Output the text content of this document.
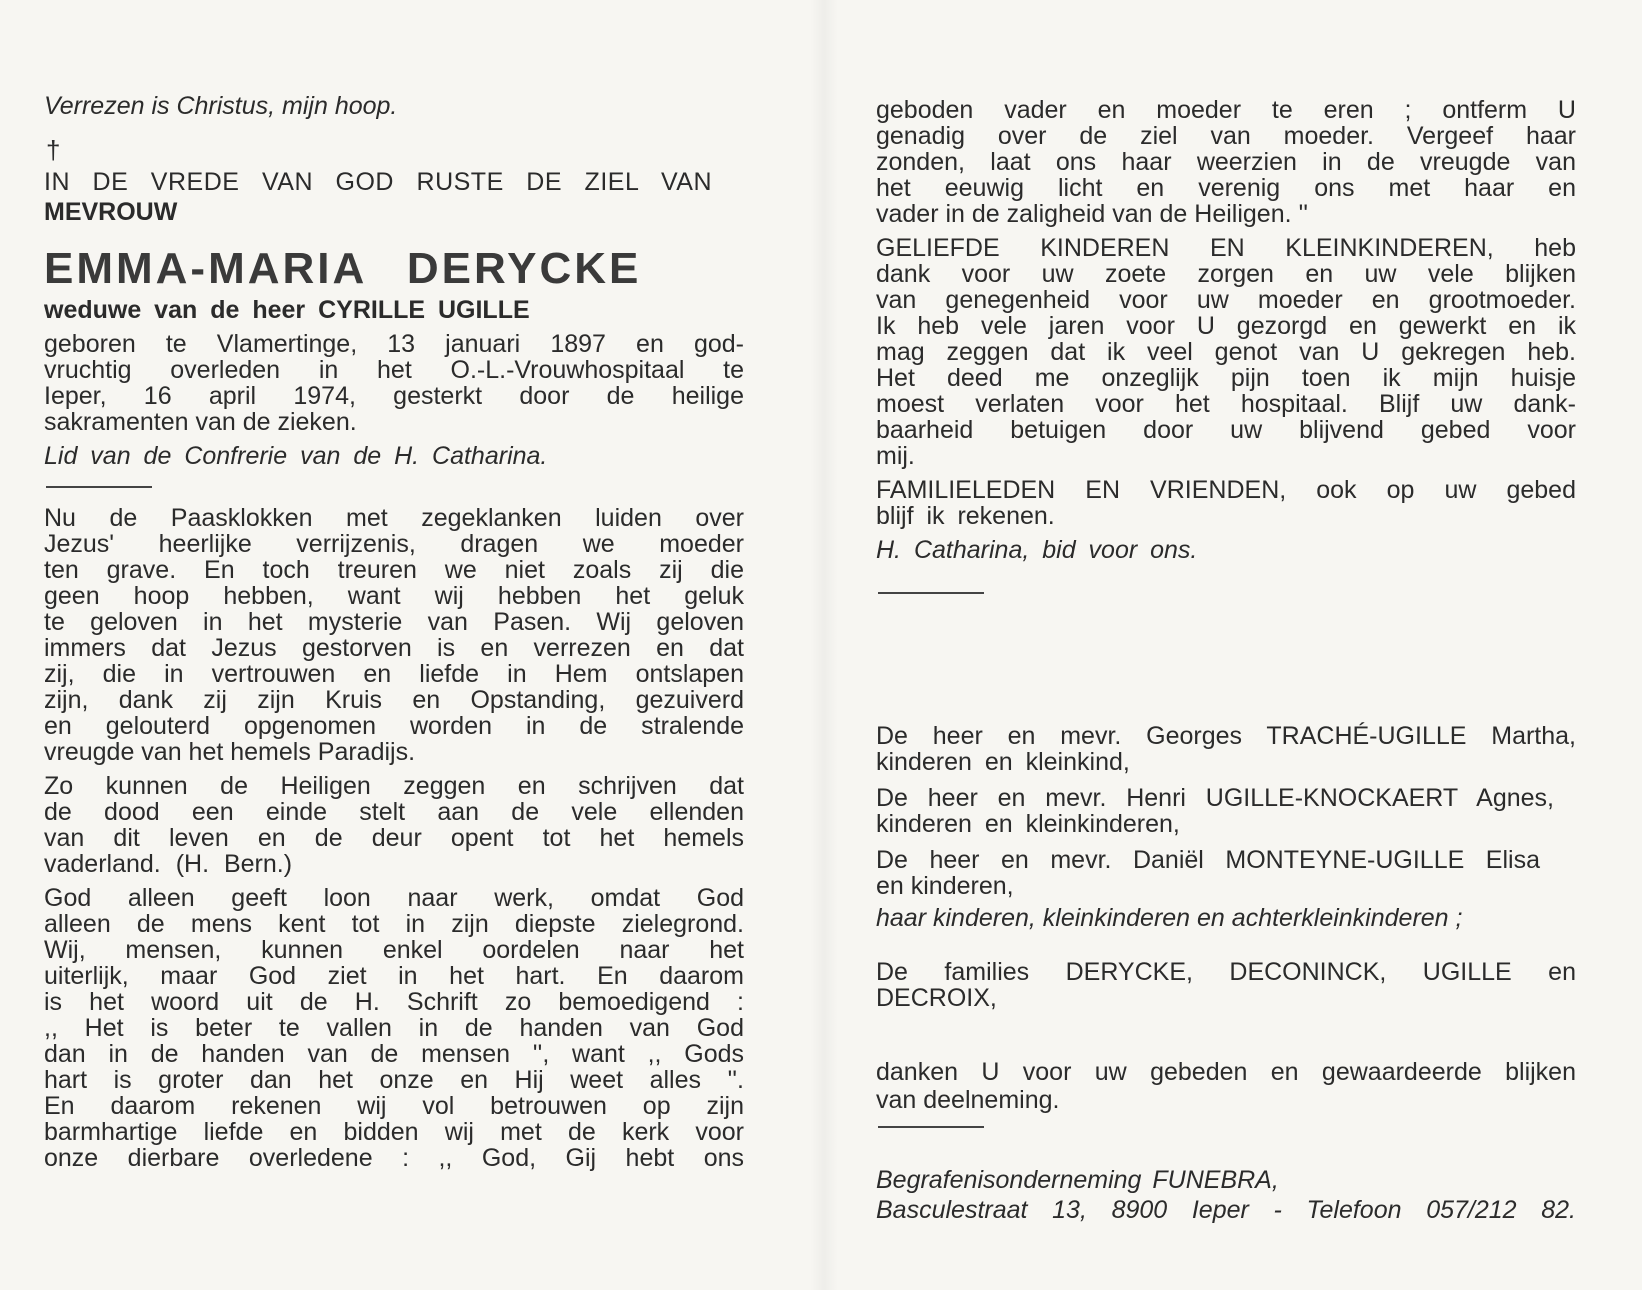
Verrezen is Christus, mijn hoop.
†
IN DE VREDE VAN GOD RUSTE DE ZIEL VAN
MEVROUW
EMMA-MARIA DERYCKE
weduwe van de heer CYRILLE UGILLE
geboren te Vlamertinge, 13 januari 1897 en god-
vruchtig overleden in het O.-L.-Vrouwhospitaal te
Ieper, 16 april 1974, gesterkt door de heilige
sakramenten van de zieken.
Lid van de Confrerie van de H. Catharina.
Nu de Paasklokken met zegeklanken luiden over
Jezus' heerlijke verrijzenis, dragen we moeder
ten grave. En toch treuren we niet zoals zij die
geen hoop hebben, want wij hebben het geluk
te geloven in het mysterie van Pasen. Wij geloven
immers dat Jezus gestorven is en verrezen en dat
zij, die in vertrouwen en liefde in Hem ontslapen
zijn, dank zij zijn Kruis en Opstanding, gezuiverd
en gelouterd opgenomen worden in de stralende
vreugde van het hemels Paradijs.
Zo kunnen de Heiligen zeggen en schrijven dat
de dood een einde stelt aan de vele ellenden
van dit leven en de deur opent tot het hemels
vaderland. (H. Bern.)
God alleen geeft loon naar werk, omdat God
alleen de mens kent tot in zijn diepste zielegrond.
Wij, mensen, kunnen enkel oordelen naar het
uiterlijk, maar God ziet in het hart. En daarom
is het woord uit de H. Schrift zo bemoedigend :
,, Het is beter te vallen in de handen van God
dan in de handen van de mensen '', want ,, Gods
hart is groter dan het onze en Hij weet alles ''.
En daarom rekenen wij vol betrouwen op zijn
barmhartige liefde en bidden wij met de kerk voor
onze dierbare overledene : ,, God, Gij hebt ons
geboden vader en moeder te eren ; ontferm U
genadig over de ziel van moeder. Vergeef haar
zonden, laat ons haar weerzien in de vreugde van
het eeuwig licht en verenig ons met haar en
vader in de zaligheid van de Heiligen. ''
GELIEFDE KINDEREN EN KLEINKINDEREN, heb
dank voor uw zoete zorgen en uw vele blijken
van genegenheid voor uw moeder en grootmoeder.
Ik heb vele jaren voor U gezorgd en gewerkt en ik
mag zeggen dat ik veel genot van U gekregen heb.
Het deed me onzeglijk pijn toen ik mijn huisje
moest verlaten voor het hospitaal. Blijf uw dank-
baarheid betuigen door uw blijvend gebed voor
mij.
FAMILIELEDEN EN VRIENDEN, ook op uw gebed
blijf ik rekenen.
H. Catharina, bid voor ons.
De heer en mevr. Georges TRACHÉ-UGILLE Martha,
kinderen en kleinkind,
De heer en mevr. Henri UGILLE-KNOCKAERT Agnes,
kinderen en kleinkinderen,
De heer en mevr. Daniël MONTEYNE-UGILLE Elisa
en kinderen,
haar kinderen, kleinkinderen en achterkleinkinderen ;
De families DERYCKE, DECONINCK, UGILLE en
DECROIX,
danken U voor uw gebeden en gewaardeerde blijken
van deelneming.
Begrafenisonderneming FUNEBRA,
Basculestraat 13, 8900 Ieper - Telefoon 057/212 82.
